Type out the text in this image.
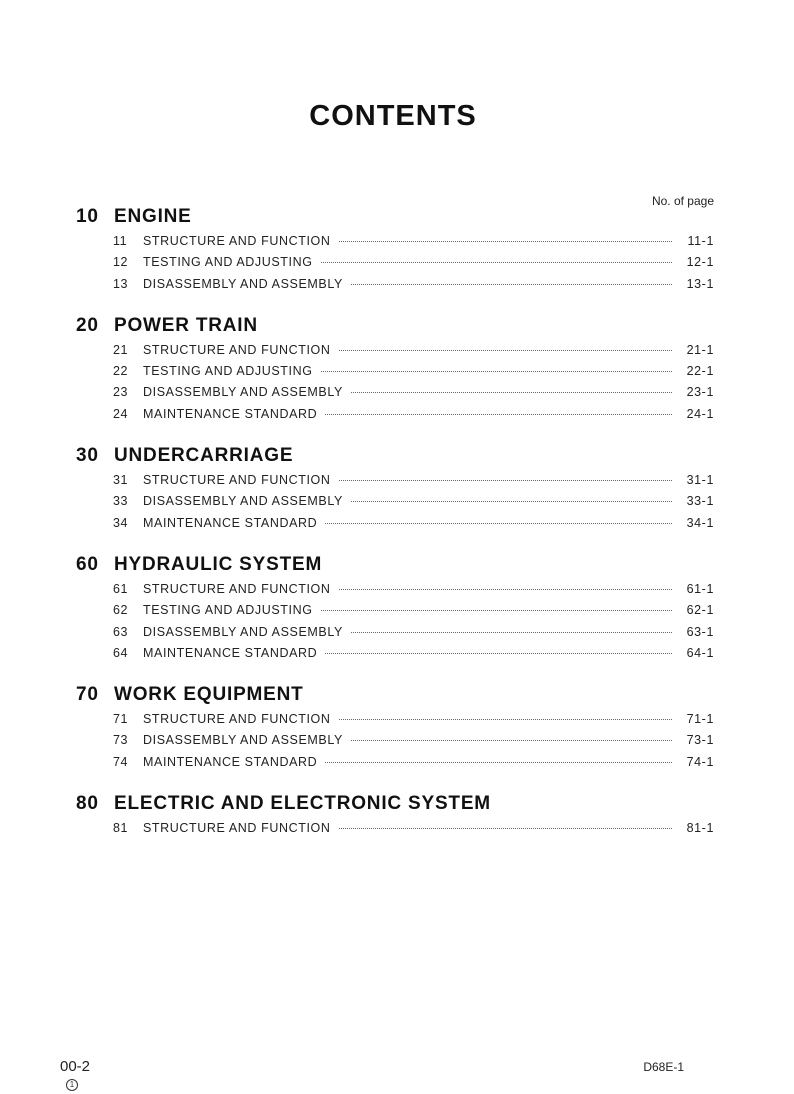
CONTENTS
No. of page
10 ENGINE
11	STRUCTURE AND FUNCTION	11-1
12	TESTING AND ADJUSTING	12-1
13	DISASSEMBLY AND ASSEMBLY	13-1
20 POWER TRAIN
21	STRUCTURE AND FUNCTION	21-1
22	TESTING AND ADJUSTING	22-1
23	DISASSEMBLY AND ASSEMBLY	23-1
24	MAINTENANCE STANDARD	24-1
30 UNDERCARRIAGE
31	STRUCTURE AND FUNCTION	31-1
33	DISASSEMBLY AND ASSEMBLY	33-1
34	MAINTENANCE STANDARD	34-1
60 HYDRAULIC SYSTEM
61	STRUCTURE AND FUNCTION	61-1
62	TESTING AND ADJUSTING	62-1
63	DISASSEMBLY AND ASSEMBLY	63-1
64	MAINTENANCE STANDARD	64-1
70 WORK EQUIPMENT
71	STRUCTURE AND FUNCTION	71-1
73	DISASSEMBLY AND ASSEMBLY	73-1
74	MAINTENANCE STANDARD	74-1
80 ELECTRIC AND ELECTRONIC SYSTEM
81	STRUCTURE AND FUNCTION	81-1
00-2
1
D68E-1
